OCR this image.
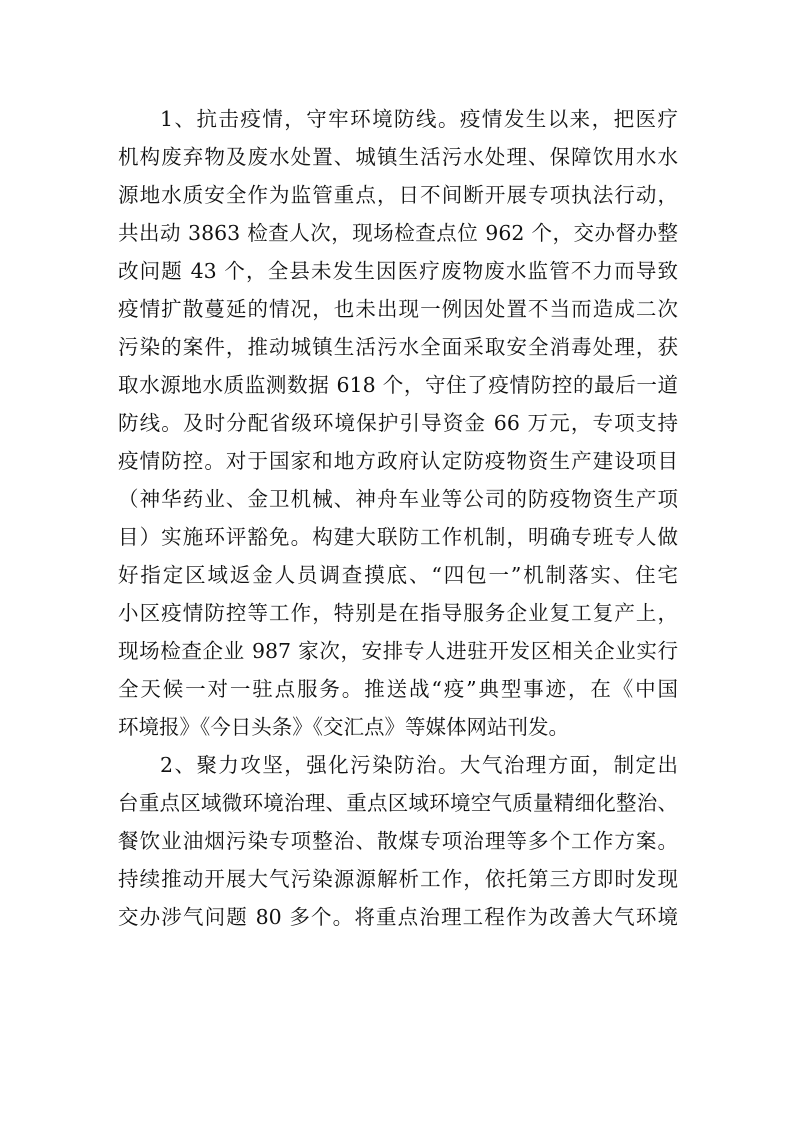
1、抗击疫情，守牢环境防线。疫情发生以来，把医疗
机构废弃物及废水处置、城镇生活污水处理、保障饮用水水
源地水质安全作为监管重点，日不间断开展专项执法行动，
共出动 3863 检查人次，现场检查点位 962 个，交办督办整
改问题 43 个，全县未发生因医疗废物废水监管不力而导致
疫情扩散蔓延的情况，也未出现一例因处置不当而造成二次
污染的案件，推动城镇生活污水全面采取安全消毒处理，获
取水源地水质监测数据 618 个，守住了疫情防控的最后一道
防线。及时分配省级环境保护引导资金 66 万元，专项支持
疫情防控。对于国家和地方政府认定防疫物资生产建设项目
（神华药业、金卫机械、神舟车业等公司的防疫物资生产项
目）实施环评豁免。构建大联防工作机制，明确专班专人做
好指定区域返金人员调查摸底、“四包一”机制落实、住宅
小区疫情防控等工作，特别是在指导服务企业复工复产上，
现场检查企业 987 家次，安排专人进驻开发区相关企业实行
全天候一对一驻点服务。推送战“疫”典型事迹，在《中国
环境报》《今日头条》《交汇点》等媒体网站刊发。
2、聚力攻坚，强化污染防治。大气治理方面，制定出
台重点区域微环境治理、重点区域环境空气质量精细化整治、
餐饮业油烟污染专项整治、散煤专项治理等多个工作方案。
持续推动开展大气污染源源解析工作，依托第三方即时发现
交办涉气问题 80 多个。将重点治理工程作为改善大气环境
